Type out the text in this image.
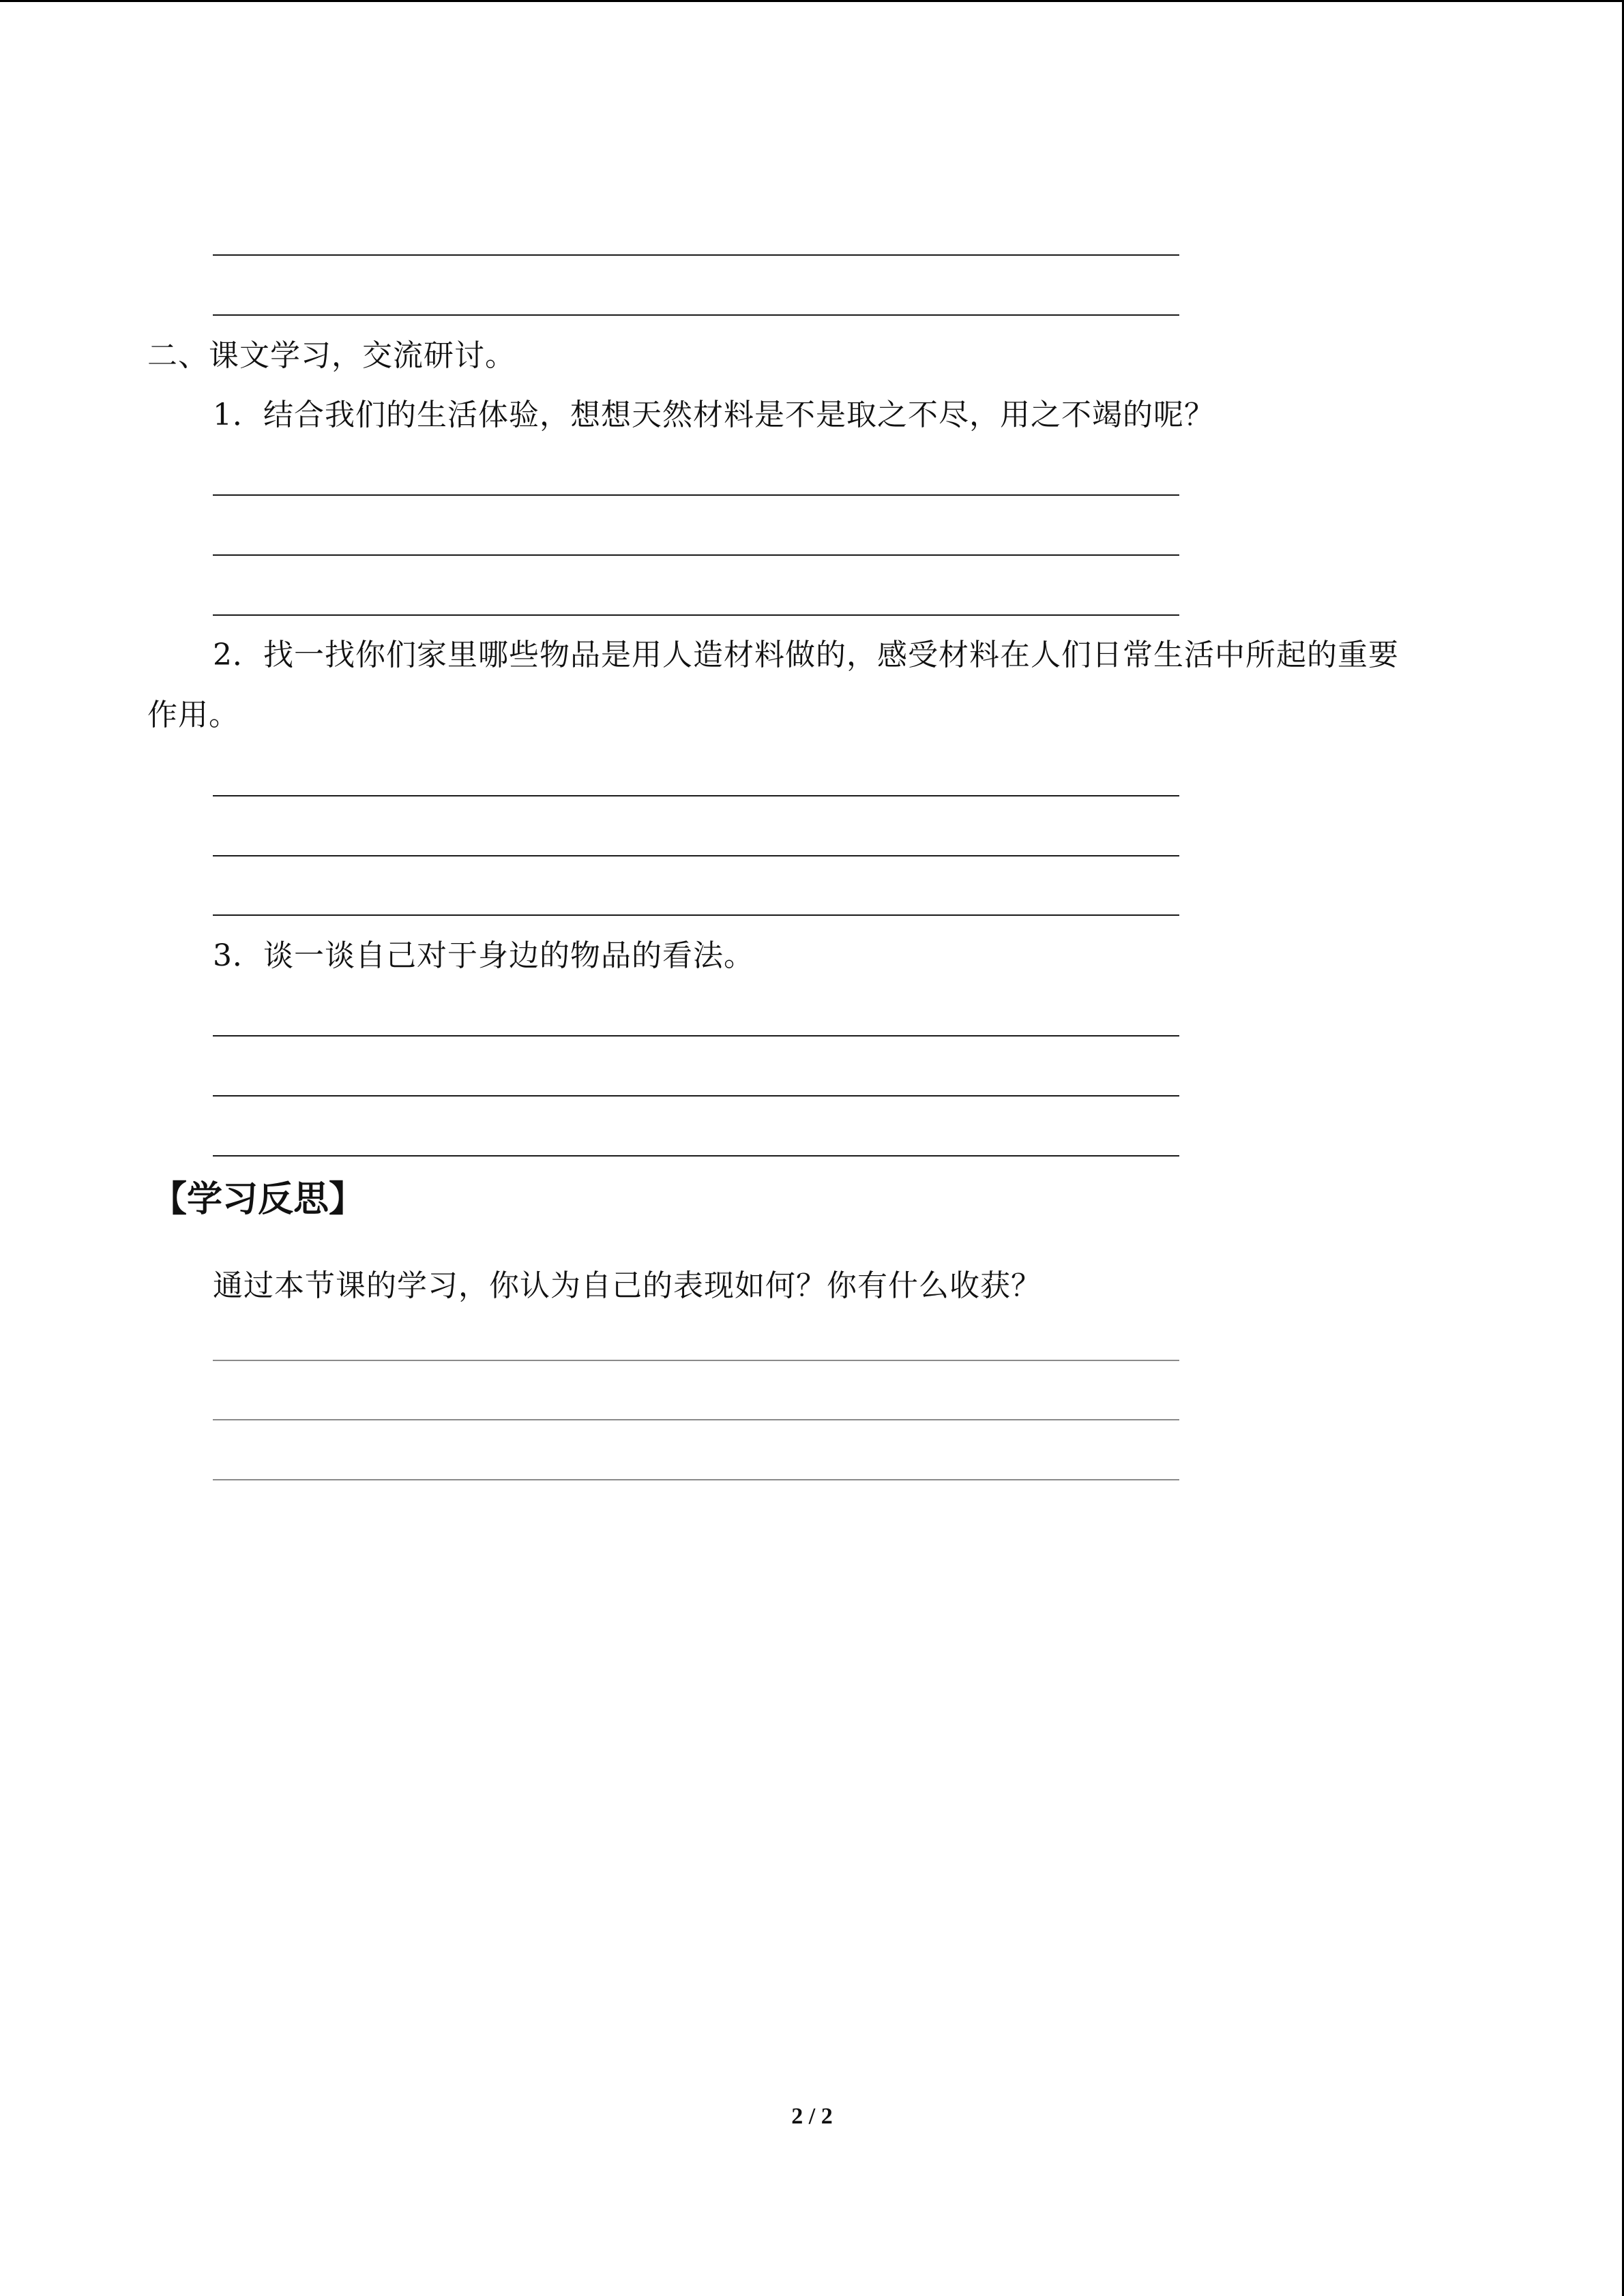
二、课文学习，交流研讨。
1．结合我们的生活体验，想想天然材料是不是取之不尽，用之不竭的呢？
2．找一找你们家里哪些物品是用人造材料做的，感受材料在人们日常生活中所起的重要
作用。
3．谈一谈自己对于身边的物品的看法。
【学习反思】
通过本节课的学习，你认为自己的表现如何？你有什么收获？
2 / 2
